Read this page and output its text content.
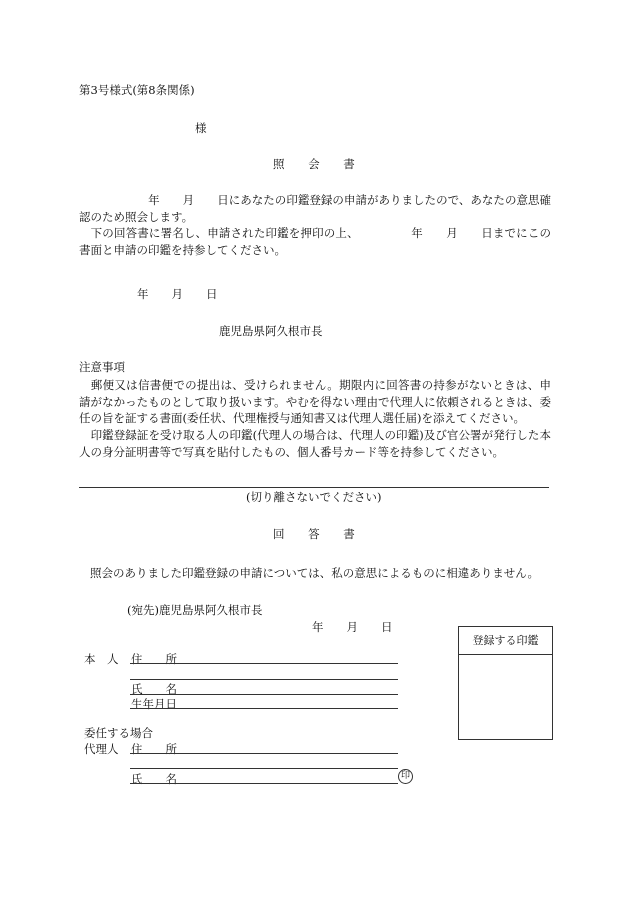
第3号様式(第8条関係)
様
照　　会　　書

　　　　　　年　　月　　日にあなたの印鑑登録の申請がありましたので、あなたの意思確認のため照会します。

　下の回答書に署名し、申請された印鑑を押印の上、　　　　　年　　月　　日までにこの書面と申請の印鑑を持参してください。

年　　月　　日
鹿児島県阿久根市長
注意事項

　郵便又は信書便での提出は、受けられません。期限内に回答書の持参がないときは、申請がなかったものとして取り扱います。やむを得ない理由で代理人に依頼されるときは、委任の旨を証する書面(委任状、代理権授与通知書又は代理人選任届)を添えてください。

　印鑑登録証を受け取る人の印鑑(代理人の場合は、代理人の印鑑)及び官公署が発行した本人の身分証明書等で写真を貼付したもの、個人番号カード等を持参してください。

(切り離さないでください)
回　　答　　書
照会のありました印鑑登録の申請については、私の意思によるものに相違ありません。
(宛先)鹿児島県阿久根市長
年　　月　　日
本　人 住　　所
氏　　名
生年月日
委任する場合
代理人 住　　所
氏　　名	印
登録する印鑑
